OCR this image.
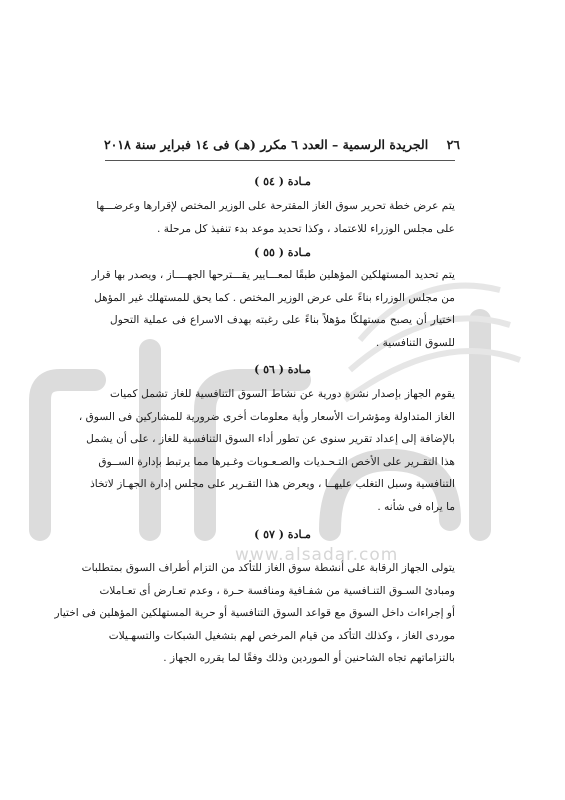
www.alsadar.com
٢٦ الجريدة الرسمية – العدد ٦ مكرر (هـ) فى ١٤ فبراير سنة ٢٠١٨
مـادة ( ٥٤ )
يتم عرض خطة تحرير سوق الغاز المقترحة على الوزير المختص لإقرارها وعرضـــها
على مجلس الوزراء للاعتماد ، وكذا تحديد موعد بدء تنفيذ كل مرحلة .
مـادة ( ٥٥ )
يتم تحديد المستهلكين المؤهلين طبقًا لمعـــايير يقـــترحها الجهــــاز ، ويصدر بها قرار
من مجلس الوزراء بناءً على عرض الوزير المختص . كما يحق للمستهلك غير المؤهل
اختيار أن يصبح مستهلكًا مؤهلاً بناءً على رغبته بهدف الاسراع فى عملية التحول
للسوق التنافسية .
مـادة ( ٥٦ )
يقوم الجهاز بإصدار نشرة دورية عن نشاط السوق التنافسية للغاز تشمل كميات
الغاز المتداولة ومؤشرات الأسعار وأية معلومات أخرى ضرورية للمشاركين فى السوق ،
بالإضافة إلى إعداد تقرير سنوى عن تطور أداء السوق التنافسية للغاز ، على أن يشمل
هذا التقـرير على الأخص التـحـديات والصـعـوبات وغـيرها مما يرتبط بإدارة الســوق
التنافسية وسبل التغلب عليهــا ، ويعرض هذا التقـرير على مجلس إدارة الجهـاز لاتخاذ
ما يراه فى شأنه .
مـادة ( ٥٧ )
يتولى الجهاز الرقابة على أنشطة سوق الغاز للتأكد من التزام أطراف السوق بمتطلبات
ومبادئ السـوق التنـافسية من شفـافية ومنافسة حـرة ، وعدم تعـارض أى تعـاملات
أو إجراءات داخل السوق مع قواعد السوق التنافسية أو حرية المستهلكين المؤهلين فى اختيار
موردى الغاز ، وكذلك التأكد من قيام المرخص لهم بتشغيل الشبكات والتسهـيلات
بالتزاماتهم تجاه الشاحنين أو الموردين وذلك وفقًا لما يقرره الجهاز .
